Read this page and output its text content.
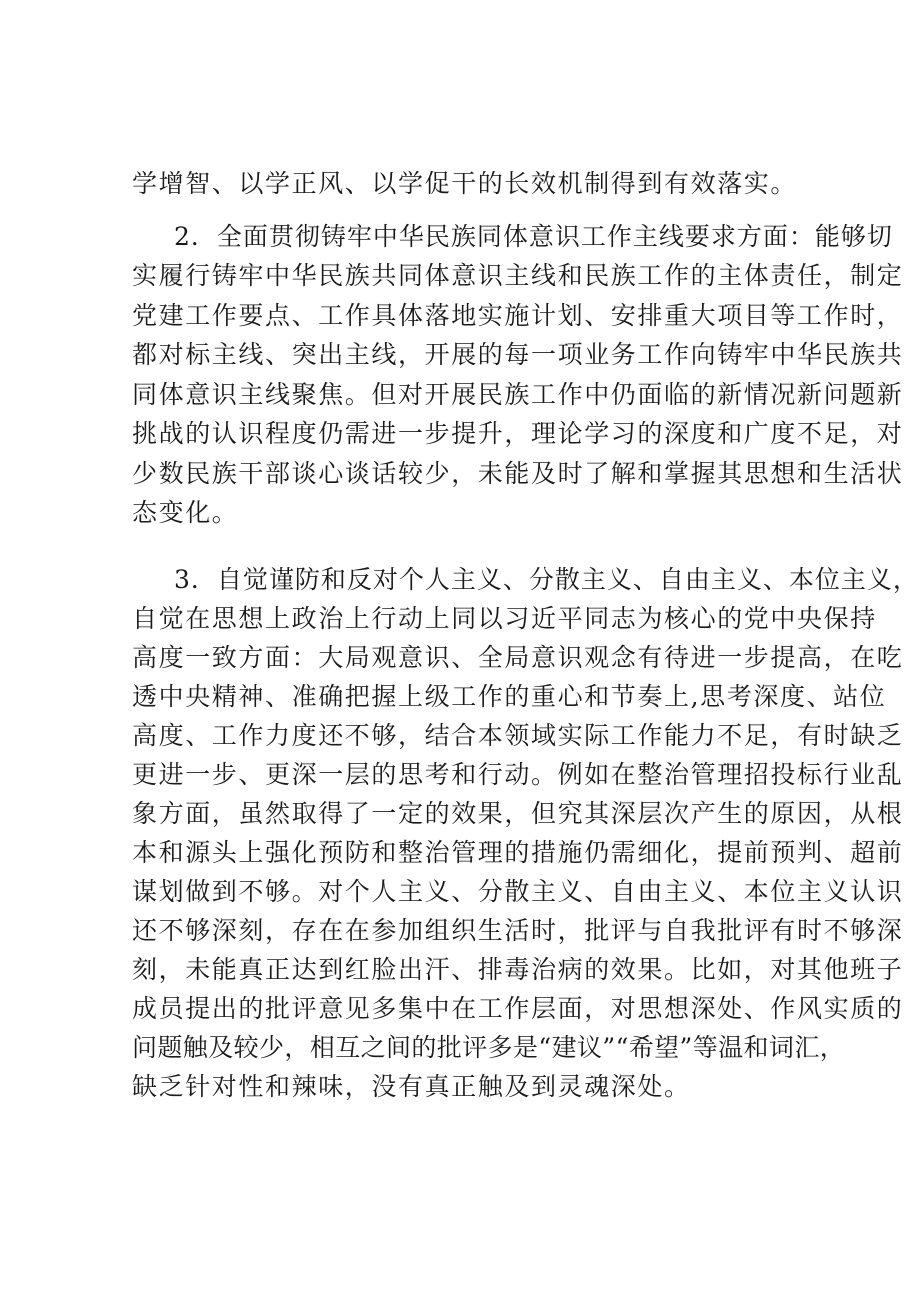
学增智、以学正风、以学促干的长效机制得到有效落实。

2．全面贯彻铸牢中华民族同体意识工作主线要求方面：能够切

实履行铸牢中华民族共同体意识主线和民族工作的主体责任，制定

党建工作要点、工作具体落地实施计划、安排重大项目等工作时，

都对标主线、突出主线，开展的每一项业务工作向铸牢中华民族共

同体意识主线聚焦。但对开展民族工作中仍面临的新情况新问题新

挑战的认识程度仍需进一步提升，理论学习的深度和广度不足，对

少数民族干部谈心谈话较少，未能及时了解和掌握其思想和生活状

态变化。

3．自觉谨防和反对个人主义、分散主义、自由主义、本位主义，

自觉在思想上政治上行动上同以习近平同志为核心的党中央保持

高度一致方面：大局观意识、全局意识观念有待进一步提高，在吃

透中央精神、准确把握上级工作的重心和节奏上,思考深度、站位

高度、工作力度还不够，结合本领域实际工作能力不足，有时缺乏

更进一步、更深一层的思考和行动。例如在整治管理招投标行业乱

象方面，虽然取得了一定的效果，但究其深层次产生的原因，从根

本和源头上强化预防和整治管理的措施仍需细化，提前预判、超前

谋划做到不够。对个人主义、分散主义、自由主义、本位主义认识

还不够深刻，存在在参加组织生活时，批评与自我批评有时不够深

刻，未能真正达到红脸出汗、排毒治病的效果。比如，对其他班子

成员提出的批评意见多集中在工作层面，对思想深处、作风实质的

问题触及较少，相互之间的批评多是“建议”“希望”等温和词汇，

缺乏针对性和辣味，没有真正触及到灵魂深处。
